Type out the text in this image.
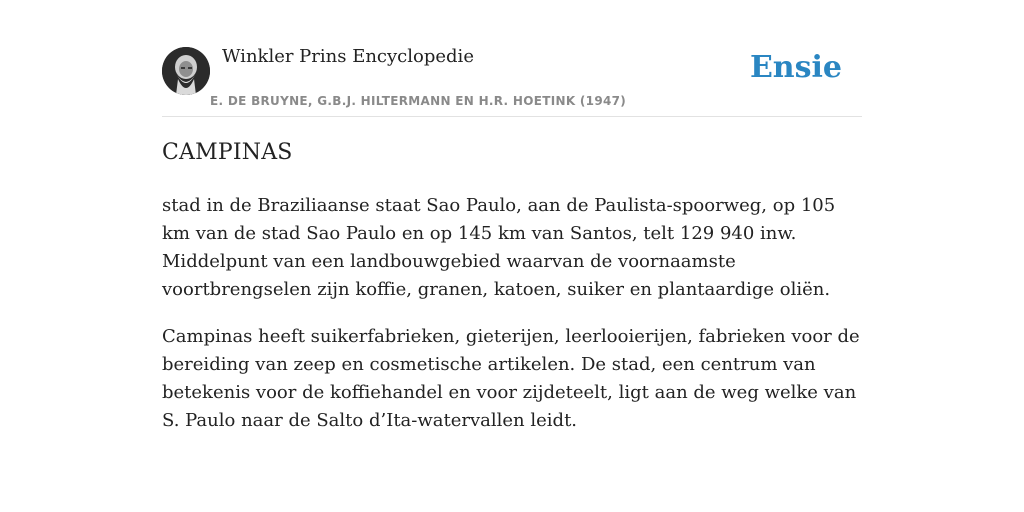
Winkler Prins Encyclopedie
E. DE BRUYNE, G.B.J. HILTERMANN EN H.R. HOETINK (1947)
Ensie
CAMPINAS

stad in de Braziliaanse staat Sao Paulo, aan de Paulista-spoorweg, op 105 km van de stad Sao Paulo en op 145 km van Santos, telt 129 940 inw. Middelpunt van een landbouwgebied waarvan de voornaamste voortbrengselen zijn koffie, granen, katoen, suiker en plantaardige oliën.

Campinas heeft suikerfabrieken, gieterijen, leerlooierijen, fabrieken voor de bereiding van zeep en cosmetische artikelen. De stad, een centrum van betekenis voor de koffiehandel en voor zijdeteelt, ligt aan de weg welke van S. Paulo naar de Salto d’Ita-watervallen leidt.
